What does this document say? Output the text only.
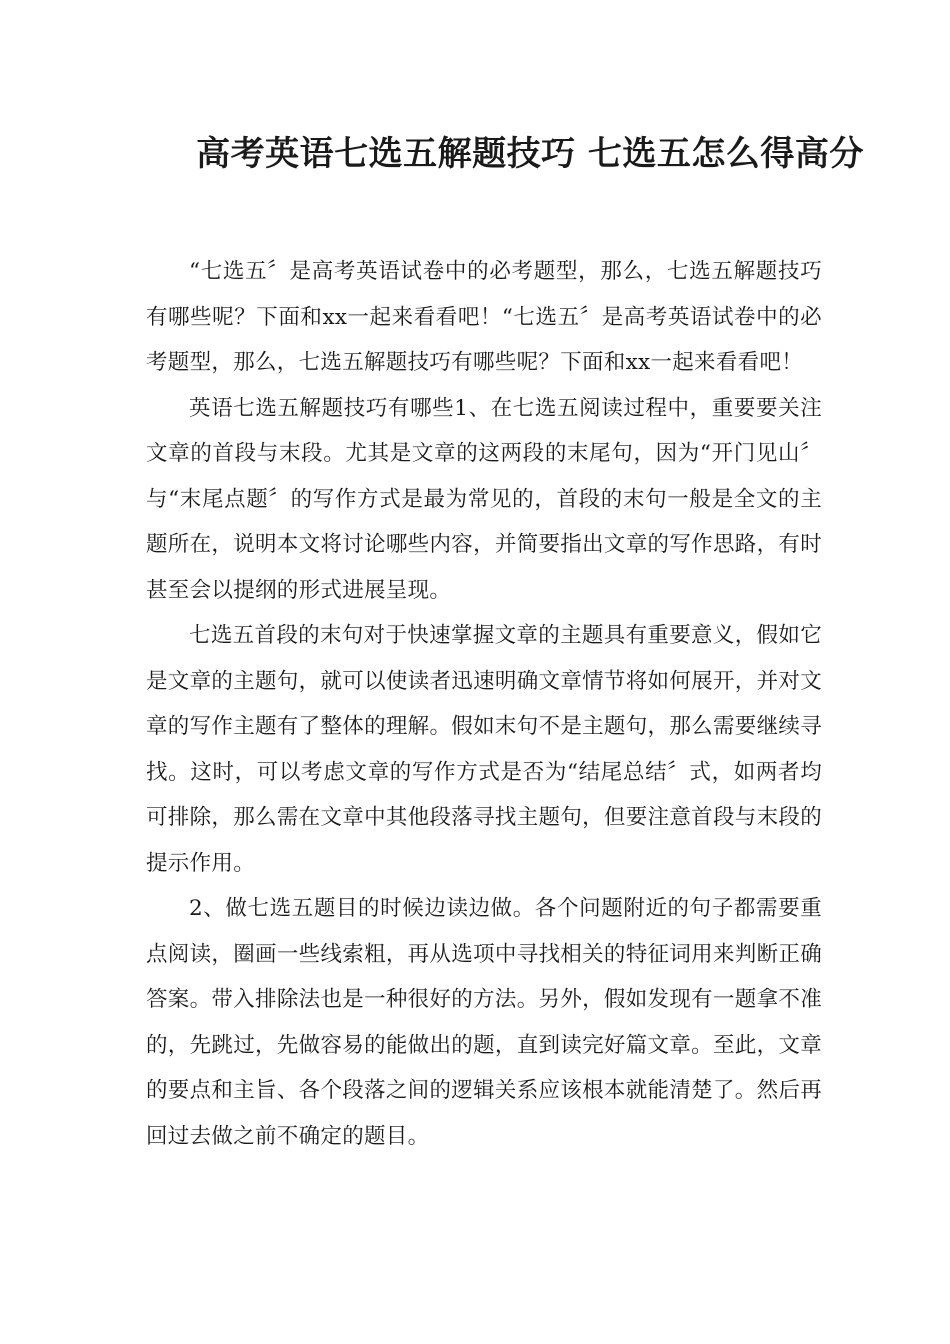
高考英语七选五解题技巧 七选五怎么得高分

“七选五〞是高考英语试卷中的必考题型，那么，七选五解题技巧有哪些呢？下面和xx一起来看看吧！“七选五〞是高考英语试卷中的必考题型，那么，七选五解题技巧有哪些呢？下面和xx一起来看看吧！

英语七选五解题技巧有哪些1、在七选五阅读过程中，重要要关注文章的首段与末段。尤其是文章的这两段的末尾句，因为“开门见山〞与“末尾点题〞的写作方式是最为常见的，首段的末句一般是全文的主题所在，说明本文将讨论哪些内容，并简要指出文章的写作思路，有时甚至会以提纲的形式进展呈现。

七选五首段的末句对于快速掌握文章的主题具有重要意义，假如它是文章的主题句，就可以使读者迅速明确文章情节将如何展开，并对文章的写作主题有了整体的理解。假如末句不是主题句，那么需要继续寻找。这时，可以考虑文章的写作方式是否为“结尾总结〞式，如两者均可排除，那么需在文章中其他段落寻找主题句，但要注意首段与末段的提示作用。

2、做七选五题目的时候边读边做。各个问题附近的句子都需要重点阅读，圈画一些线索粗，再从选项中寻找相关的特征词用来判断正确答案。带入排除法也是一种很好的方法。另外，假如发现有一题拿不准的，先跳过，先做容易的能做出的题，直到读完好篇文章。至此，文章的要点和主旨、各个段落之间的逻辑关系应该根本就能清楚了。然后再回过去做之前不确定的题目。
